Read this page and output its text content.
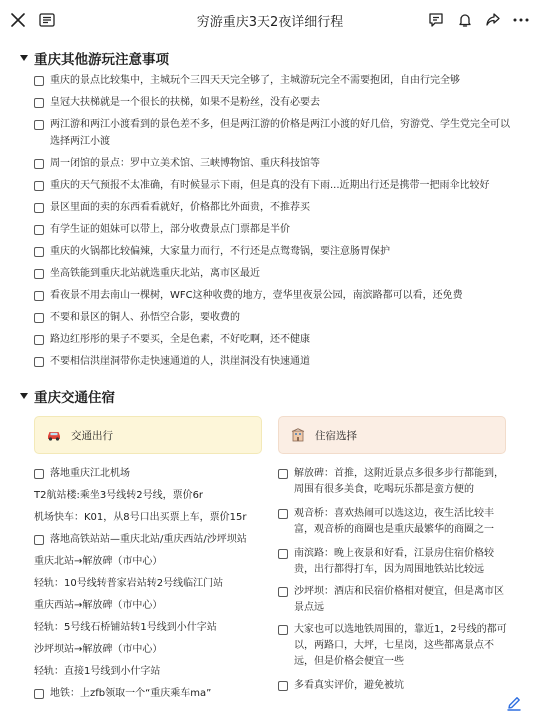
穷游重庆3天2夜详细行程
重庆其他游玩注意事项
重庆的景点比较集中，主城玩个三四天天完全够了，主城游玩完全不需要抱团，自由行完全够
皇冠大扶梯就是一个很长的扶梯，如果不是粉丝，没有必要去
两江游和两江小渡看到的景色差不多，但是两江游的价格是两江小渡的好几倍，穷游党、学生党完全可以选择两江小渡
周一闭馆的景点：罗中立美术馆、三峡博物馆、重庆科技馆等
重庆的天气预报不太准确，有时候显示下雨，但是真的没有下雨...近期出行还是携带一把雨伞比较好
景区里面的卖的东西看看就好，价格都比外面贵，不推荐买
有学生证的姐妹可以带上，部分收费景点门票都是半价
重庆的火锅都比较偏辣，大家量力而行，不行还是点鸳鸯锅，要注意肠胃保护
坐高铁能到重庆北站就选重庆北站，离市区最近
看夜景不用去南山一棵树，WFC这种收费的地方，壹华里夜景公园，南滨路都可以看，还免费
不要和景区的铜人、孙悟空合影，要收费的
路边红彤彤的果子不要买，全是色素，不好吃啊，还不健康
不要相信洪崖洞带你走快速通道的人，洪崖洞没有快速通道
重庆交通住宿
交通出行	住宿选择
落地重庆江北机场
T2航站楼:乘坐3号线转2号线，票价6r
机场快车：K01，从8号口出买票上车，票价15r
落地高铁站站—重庆北站/重庆西站/沙坪坝站
重庆北站→解放碑（市中心）
轻轨：10号线转普家岩站转2号线临江门站
重庆西站→解放碑（市中心）
轻轨：5号线石桥铺站转1号线到小什字站
沙坪坝站→解放碑（市中心）
轻轨：直接1号线到小什字站
地铁：上zfb领取一个“重庆乘车ma”
解放碑：首推，这附近景点多很多步行都能到，周围有很多美食，吃喝玩乐都是蛮方便的
观音桥：喜欢热闹可以选这边，夜生活比较丰富，观音桥的商圈也是重庆最繁华的商圈之一
南滨路：晚上夜景和好看，江景房住宿价格较贵，出行都得打车，因为周围地铁站比较远
沙坪坝：酒店和民宿价格相对便宜，但是离市区景点远
大家也可以选地铁周围的，靠近1，2号线的都可以，两路口，大坪，七星岗，这些都离景点不远，但是价格会便宜一些
多看真实评价，避免被坑
